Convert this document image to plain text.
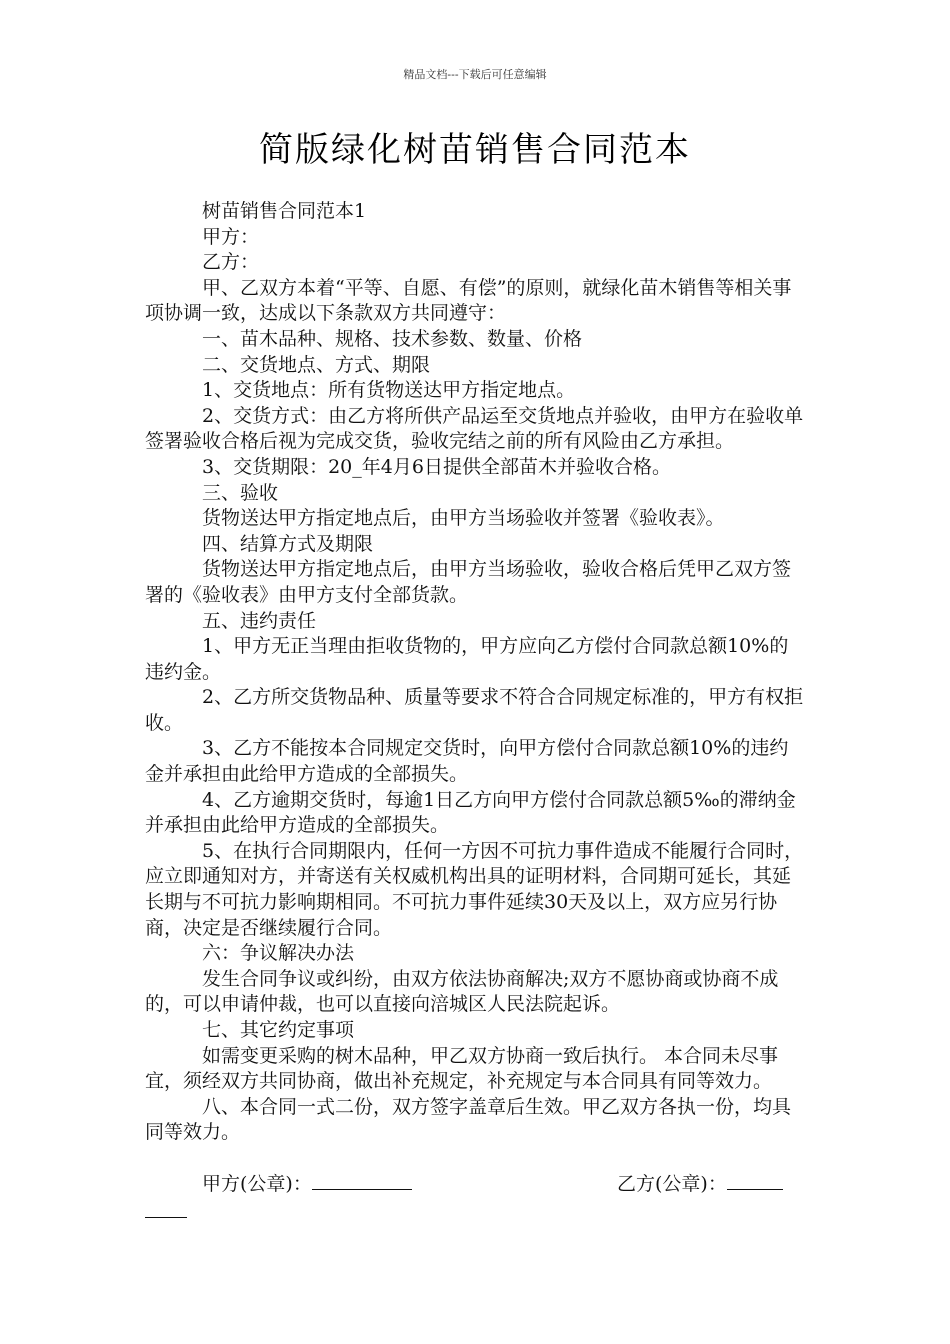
精品文档---下载后可任意编辑
简版绿化树苗销售合同范本

树苗销售合同范本1

甲方：

乙方：

甲、乙双方本着“平等、自愿、有偿”的原则，就绿化苗木销售等相关事项协调一致，达成以下条款双方共同遵守：

一、苗木品种、规格、技术参数、数量、价格

二、交货地点、方式、期限

1、交货地点：所有货物送达甲方指定地点。

2、交货方式：由乙方将所供产品运至交货地点并验收，由甲方在验收单签署验收合格后视为完成交货，验收完结之前的所有风险由乙方承担。

3、交货期限：20_年4月6日提供全部苗木并验收合格。

三、验收

货物送达甲方指定地点后，由甲方当场验收并签署《验收表》。

四、结算方式及期限

货物送达甲方指定地点后，由甲方当场验收，验收合格后凭甲乙双方签署的《验收表》由甲方支付全部货款。

五、违约责任

1、甲方无正当理由拒收货物的，甲方应向乙方偿付合同款总额10%的违约金。

2、乙方所交货物品种、质量等要求不符合合同规定标准的，甲方有权拒收。

3、乙方不能按本合同规定交货时，向甲方偿付合同款总额10%的违约金并承担由此给甲方造成的全部损失。

4、乙方逾期交货时，每逾1日乙方向甲方偿付合同款总额5‰的滞纳金并承担由此给甲方造成的全部损失。

5、在执行合同期限内，任何一方因不可抗力事件造成不能履行合同时，应立即通知对方，并寄送有关权威机构出具的证明材料，合同期可延长，其延长期与不可抗力影响期相同。不可抗力事件延续30天及以上，双方应另行协商，决定是否继续履行合同。

六：争议解决办法

发生合同争议或纠纷，由双方依法协商解决;双方不愿协商或协商不成的，可以申请仲裁，也可以直接向涪城区人民法院起诉。

七、其它约定事项

如需变更采购的树木品种，甲乙双方协商一致后执行。 本合同未尽事宜，须经双方共同协商，做出补充规定，补充规定与本合同具有同等效力。

八、本合同一式二份，双方签字盖章后生效。甲乙双方各执一份，均具同等效力。

甲方(公章)：	乙方(公章)：
